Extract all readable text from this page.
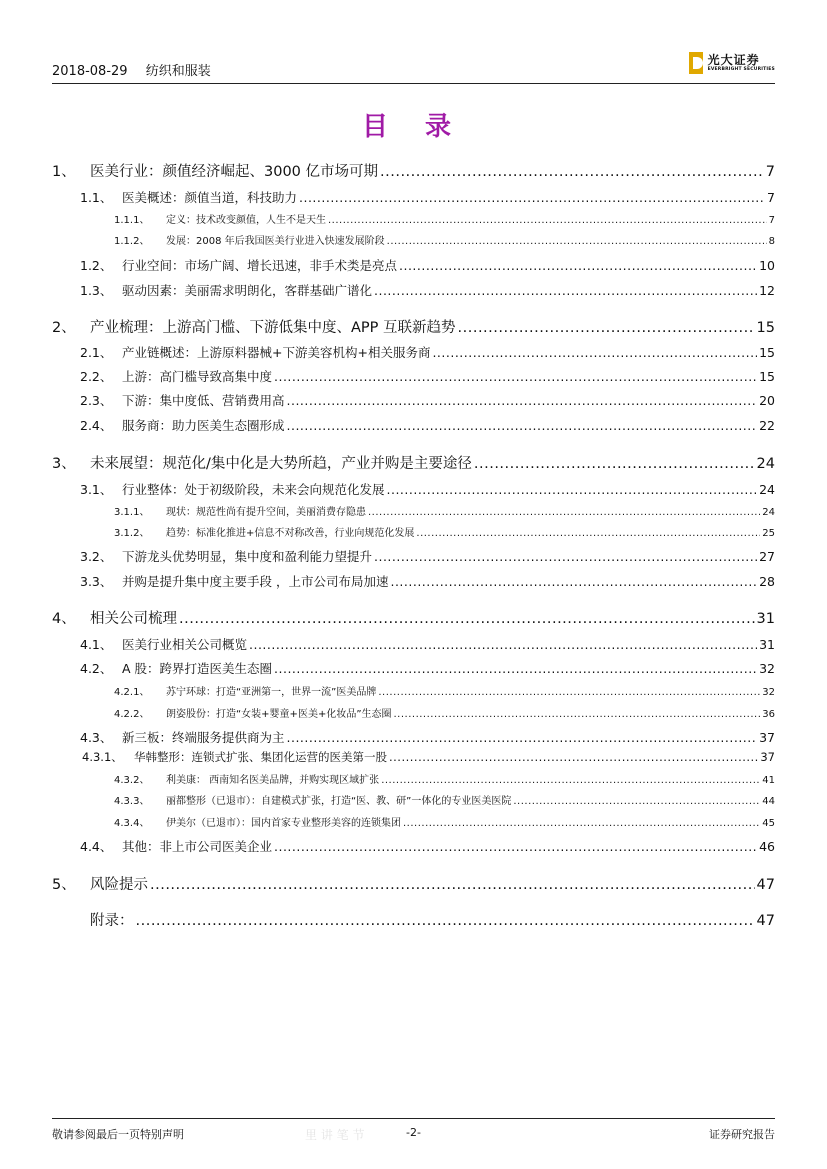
2018-08-29 纺织和服装
光大证券
EVERBRIGHT SECURITIES
目 录
1、 医美行业：颜值经济崛起、3000 亿市场可期 .....	7
1.1、 医美概述：颜值当道，科技助力 .....	7
1.1.1、	定义：技术改变颜值，人生不是天生 .....	7
1.1.2、	发展：2008 年后我国医美行业进入快速发展阶段 .....	8
1.2、 行业空间：市场广阔、增长迅速，非手术类是亮点 .....	10
1.3、 驱动因素：美丽需求明朗化，客群基础广谱化 .....	12
2、 产业梳理：上游高门槛、下游低集中度、APP 互联新趋势 .....	15
2.1、 产业链概述：上游原料器械+下游美容机构+相关服务商 .....	15
2.2、 上游：高门槛导致高集中度 .....	15
2.3、 下游：集中度低、营销费用高 .....	20
2.4、 服务商：助力医美生态圈形成 .....	22
3、 未来展望：规范化/集中化是大势所趋，产业并购是主要途径 .....	24
3.1、 行业整体：处于初级阶段，未来会向规范化发展 .....	24
3.1.1、	现状：规范性尚有提升空间，美丽消费存隐患 .....	24
3.1.2、	趋势：标准化推进+信息不对称改善，行业向规范化发展 .....	25
3.2、 下游龙头优势明显，集中度和盈利能力望提升 .....	27
3.3、 并购是提升集中度主要手段 ，上市公司布局加速 .....	28
4、 相关公司梳理 .....	31
4.1、 医美行业相关公司概览 .....	31
4.2、 A 股：跨界打造医美生态圈 .....	32
4.2.1、	苏宁环球：打造“亚洲第一，世界一流”医美品牌 .....	32
4.2.2、	朗姿股份：打造“女装+婴童+医美+化妆品”生态圈 .....	36
4.3、 新三板：终端服务提供商为主 .....	37
4.3.1、 华韩整形：连锁式扩张、集团化运营的医美第一股 .....	37
4.3.2、	利美康： 西南知名医美品牌，并购实现区域扩张 .....	41
4.3.3、	丽都整形（已退市）：自建模式扩张，打造“医、教、研”一体化的专业医美医院 .....	44
4.3.4、	伊美尔（已退市）：国内首家专业整形美容的连锁集团 .....	45
4.4、 其他：非上市公司医美企业 .....	46
5、 风险提示 .....	47
附录： .....	47
里 讲 笔 节
敬请参阅最后一页特别声明	-2-	证券研究报告
